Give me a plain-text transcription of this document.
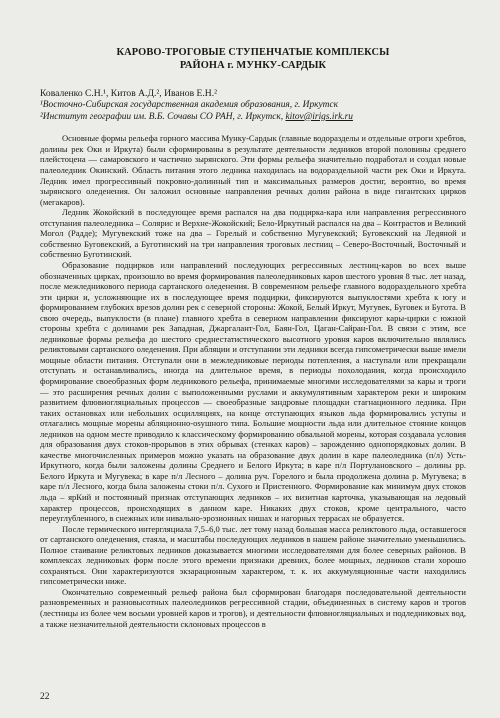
КАРОВО-ТРОГОВЫЕ СТУПЕНЧАТЫЕ КОМПЛЕКСЫ
РАЙОНА г. МУНКУ-САРДЫК
Коваленко С.Н.¹, Китов А.Д.², Иванов Е.Н.²
¹Восточно-Сибирская государственная академия образования, г. Иркутск
²Институт географии им. В.Б. Сочавы СО РАН, г. Иркутск, kitov@irigs.irk.ru

Основные формы рельефа горного массива Мунку-Сардык (главные водоразделы и отдельные отроги хребтов, долины рек Оки и Иркута) были сформированы в результате деятельности ледников второй половины среднего плейстоцена — самаровского и частично зырянского. Эти формы рельефа значительно подработал и создал новые палеоледник Окинский. Область питания этого ледника находилась на водораздельной части рек Оки и Иркута. Ледник имел прогрессивный покровно-долинный тип и максимальных размеров достиг, вероятно, во время зырянского оледенения. Он заложил основные направления речных долин района в виде гигантских цирков (мегакаров).

Ледник Жокойский в последующее время распался на два подцирка-кара или направления регрессивного отступания палеоледника – Солярис и Верхне-Жокойский; Бело-Иркутный распался на два – Контрастов и Великий Могол (Радде); Мугувекский тоже на два – Горелый и собственно Мугувекский; Буговекский на Ледяной и собственно Буговекский, а Буготинский на три направления троговых лестниц – Северо-Восточный, Восточный и собственно Буготинский.

Образование подцирков или направлений последующих регрессивных лестниц-каров во всех выше обозначенных цирках, произошло во время формирования палеоледниковых каров шестого уровня 8 тыс. лет назад, после межледникового периода сартанского оледенения. В современном рельефе главного водораздельного хребта эти цирки и, усложняющие их в последующее время подцирки, фиксируются выпуклостями хребта к югу и формированием глубоких врезов долин рек с северной стороны: Жокой, Белый Иркут, Мугувек, Буговек и Бугота. В свою очередь, выпуклости (в плане) главного хребта в северном направлении фиксируют кары-цирки с южной стороны хребта с долинами рек Западная, Джаргалант-Гол, Баян-Гол, Цаган-Сайран-Гол. В связи с этим, все ледниковые формы рельефа до шестого среднестатистического высотного уровня каров включительно являлись реликтовыми сартанского оледенения. При абляции и отступании эти ледники всегда гипсометрически выше имели мощные области питания. Отступали они в межледниковые периоды потепления, а наступали или прекращали отступать и останавливались, иногда на длительное время, в периоды похолодания, когда происходило формирование своеобразных форм ледникового рельефа, принимаемые многими исследователями за кары и троги — это расширения речных долин с выположенными руслами и аккумулятивным характером реки и широким развитием флювиогляциальных процессов — своеобразные зандровые площадки стагнационного ледника. При таких остановках или небольших осцилляциях, на конце отступающих языков льда формировались уступы и отлагались мощные морены абляционно-osушного типа. Большие мощности льда или длительное стояние концов ледников на одном месте приводило к классическому формированию обвальной морены, которая создавала условия для образования двух стоков-прорывов в этих обрывах (стенках каров) – зарождению однопорядковых долин. В качестве многочисленных примеров можно указать на образование двух долин в каре палеоледника (п/л) Усть-Иркутного, когда были заложены долины Среднего и Белого Иркута; в каре п/л Портулановского – долины рр. Белого Иркута и Мугувека; в каре п/л Лесного – долина руч. Горелого и была продолжена долина р. Мугувека; в каре п/л Лесного, когда была заложены стоки п/л. Сухого и Пристенного. Формирование как минимум двух стоков льда – ярКий и постоянный признак отступающих ледников – их визитная карточка, указывающая на ледовый характер процессов, происходящих в данном каре. Никаких двух стоков, кроме центрального, часто переуглубленного, в снежных или нивально-эрозионных нишах и нагорных террасах не образуется.

После термического интергляциала 7,5–6,0 тыс. лет тому назад большая масса реликтового льда, оставшегося от сартанского оледенения, стаяла, и масштабы последующих ледников в нашем районе значительно уменьшились. Полное стаивание реликтовых ледников доказывается многими исследователями для более северных районов. В комплексах ледниковых форм после этого времени признаки древних, более мощных, ледников стали хорошо сохраняться. Они характеризуются экзарационным характером, т. к. их аккумуляционные части находились гипсометрически ниже.

Окончательно современный рельеф района был сформирован благодаря последовательной деятельности разновременных и разновысотных палеоледников регрессивной стадии, объединенных в систему каров и трогов (лестницы из более чем восьми уровней каров и трогов), и деятельности флювиогляциальных и подледниковых вод, а также незначительной деятельности склоновых процессов в

22
